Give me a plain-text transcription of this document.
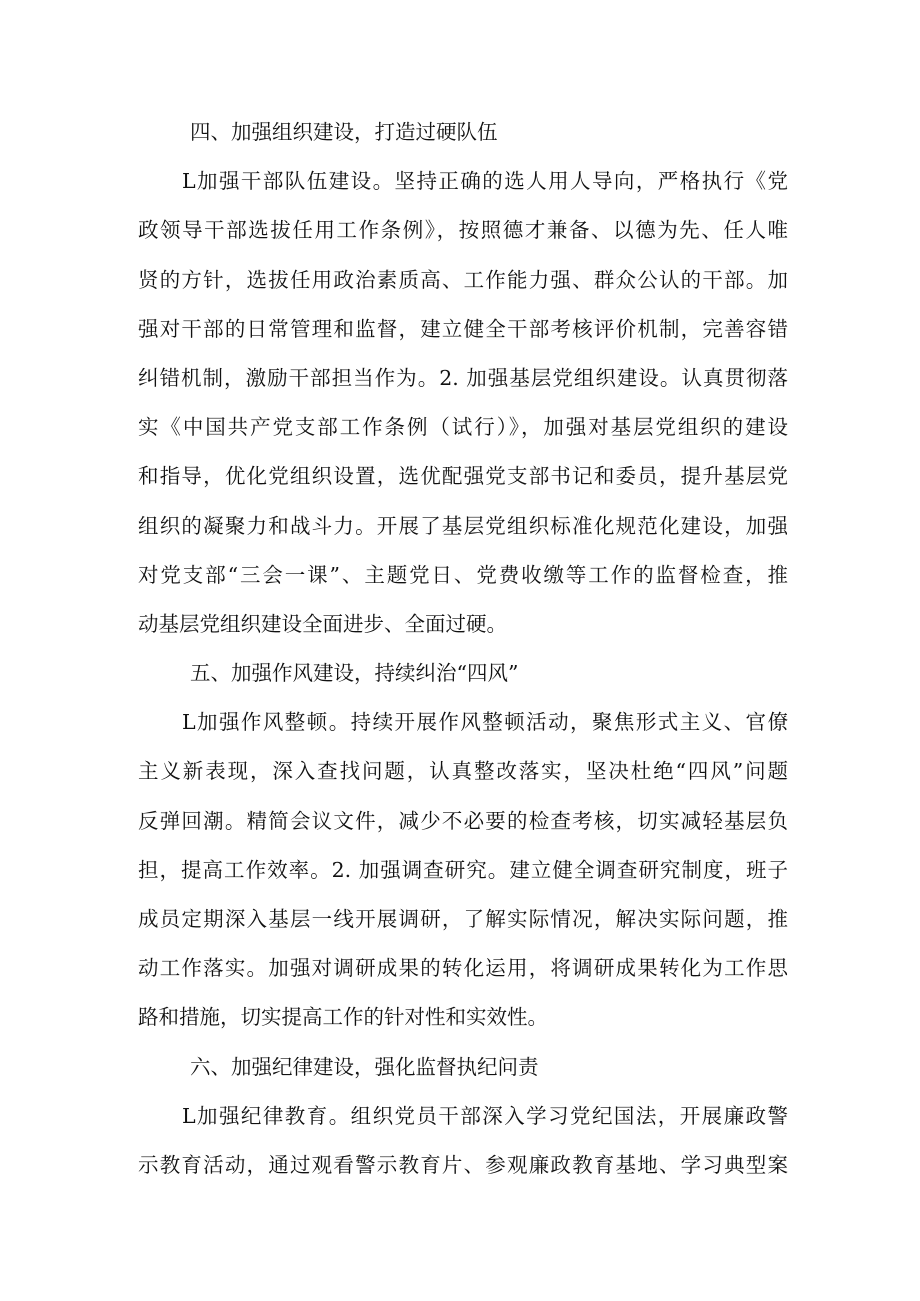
四、加强组织建设，打造过硬队伍
L加强干部队伍建设。坚持正确的选人用人导向，严格执行《党
政领导干部选拔任用工作条例》，按照德才兼备、以德为先、任人唯
贤的方针，选拔任用政治素质高、工作能力强、群众公认的干部。加
强对干部的日常管理和监督，建立健全干部考核评价机制，完善容错
纠错机制，激励干部担当作为。2. 加强基层党组织建设。认真贯彻落
实《中国共产党支部工作条例（试行）》，加强对基层党组织的建设
和指导，优化党组织设置，选优配强党支部书记和委员，提升基层党
组织的凝聚力和战斗力。开展了基层党组织标准化规范化建设，加强
对党支部“三会一课”、主题党日、党费收缴等工作的监督检查，推
动基层党组织建设全面进步、全面过硬。
五、加强作风建设，持续纠治“四风”
L加强作风整顿。持续开展作风整顿活动，聚焦形式主义、官僚
主义新表现，深入查找问题，认真整改落实，坚决杜绝“四风”问题
反弹回潮。精简会议文件，减少不必要的检查考核，切实减轻基层负
担，提高工作效率。2. 加强调查研究。建立健全调查研究制度，班子
成员定期深入基层一线开展调研，了解实际情况，解决实际问题，推
动工作落实。加强对调研成果的转化运用，将调研成果转化为工作思
路和措施，切实提高工作的针对性和实效性。
六、加强纪律建设，强化监督执纪问责
L加强纪律教育。组织党员干部深入学习党纪国法，开展廉政警
示教育活动，通过观看警示教育片、参观廉政教育基地、学习典型案
